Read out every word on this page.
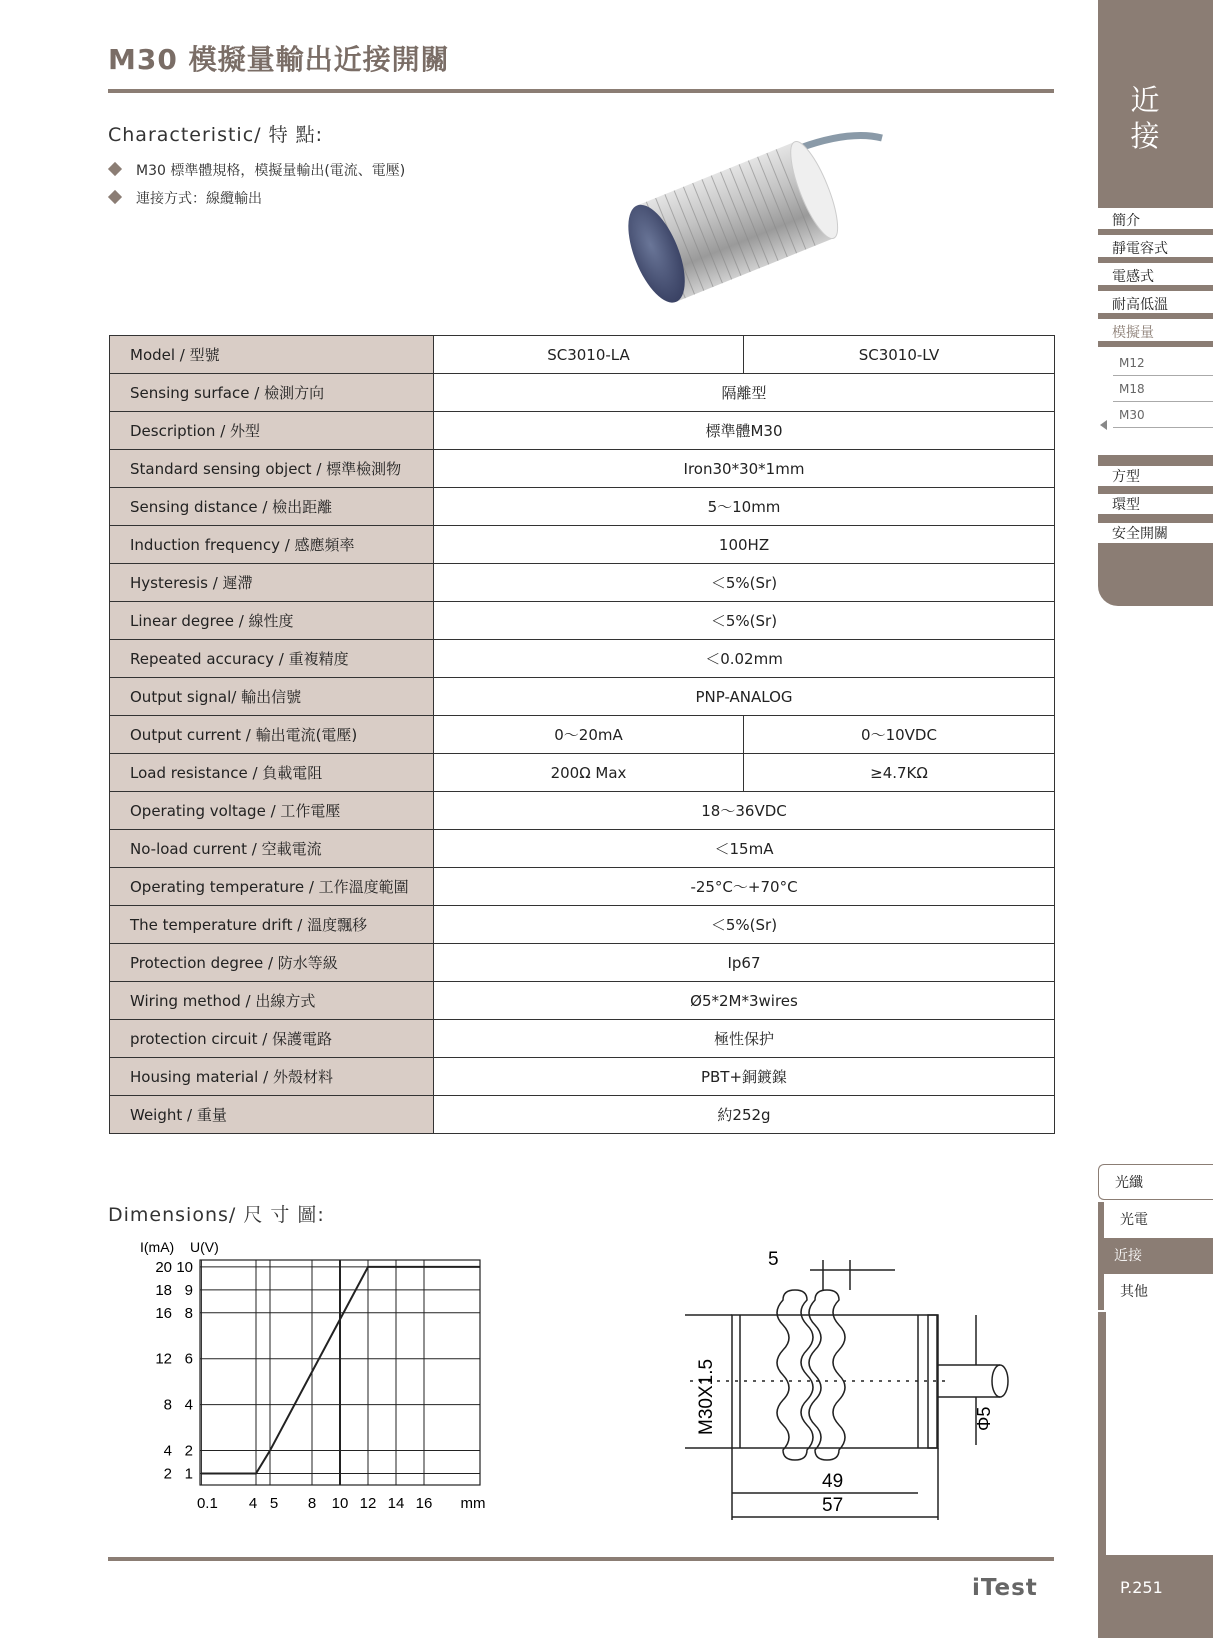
M30 模擬量輸出近接開關
Characteristic/ 特 點:
M30 標準體規格，模擬量輸出(電流、電壓)
連接方式：線纜輸出
Model / 型號	SC3010-LA	SC3010-LV
Sensing surface / 檢測方向	隔離型	
Description / 外型	標準體M30	
Standard sensing object / 標準檢測物	Iron30*30*1mm	
Sensing distance / 檢出距離	5～10mm	
Induction frequency / 感應頻率	100HZ	
Hysteresis / 遲滯	＜5%(Sr)	
Linear degree / 線性度	＜5%(Sr)	
Repeated accuracy / 重複精度	＜0.02mm	
Output signal/ 輸出信號	PNP-ANALOG	
Output current / 輸出電流(電壓)	0～20mA	0～10VDC
Load resistance / 負載電阻	200Ω Max	≥4.7KΩ
Operating voltage / 工作電壓	18～36VDC	
No-load current / 空載電流	＜15mA	
Operating temperature / 工作溫度範圍	-25°C～+70°C	
The temperature drift / 溫度飄移	＜5%(Sr)	
Protection degree / 防水等級	Ip67	
Wiring method / 出線方式	Ø5*2M*3wires	
protection circuit / 保護電路	極性保护	
Housing material / 外殼材料	PBT+銅鍍鎳	
Weight / 重量	約252g	
Dimensions/ 尺 寸 圖:
I(mA) U(V)
20 10
18 9
16 8
12 6
8 4
4 2
2 1
0.1 4 5 8 10 12 14 16 mm
5
M30X1.5
49
57
Φ5
iTest
近
接
簡介
靜電容式
電感式
耐高低溫
模擬量
M12
M18
M30
方型
環型
安全開關
光纖
光電
近接
其他
P.251
